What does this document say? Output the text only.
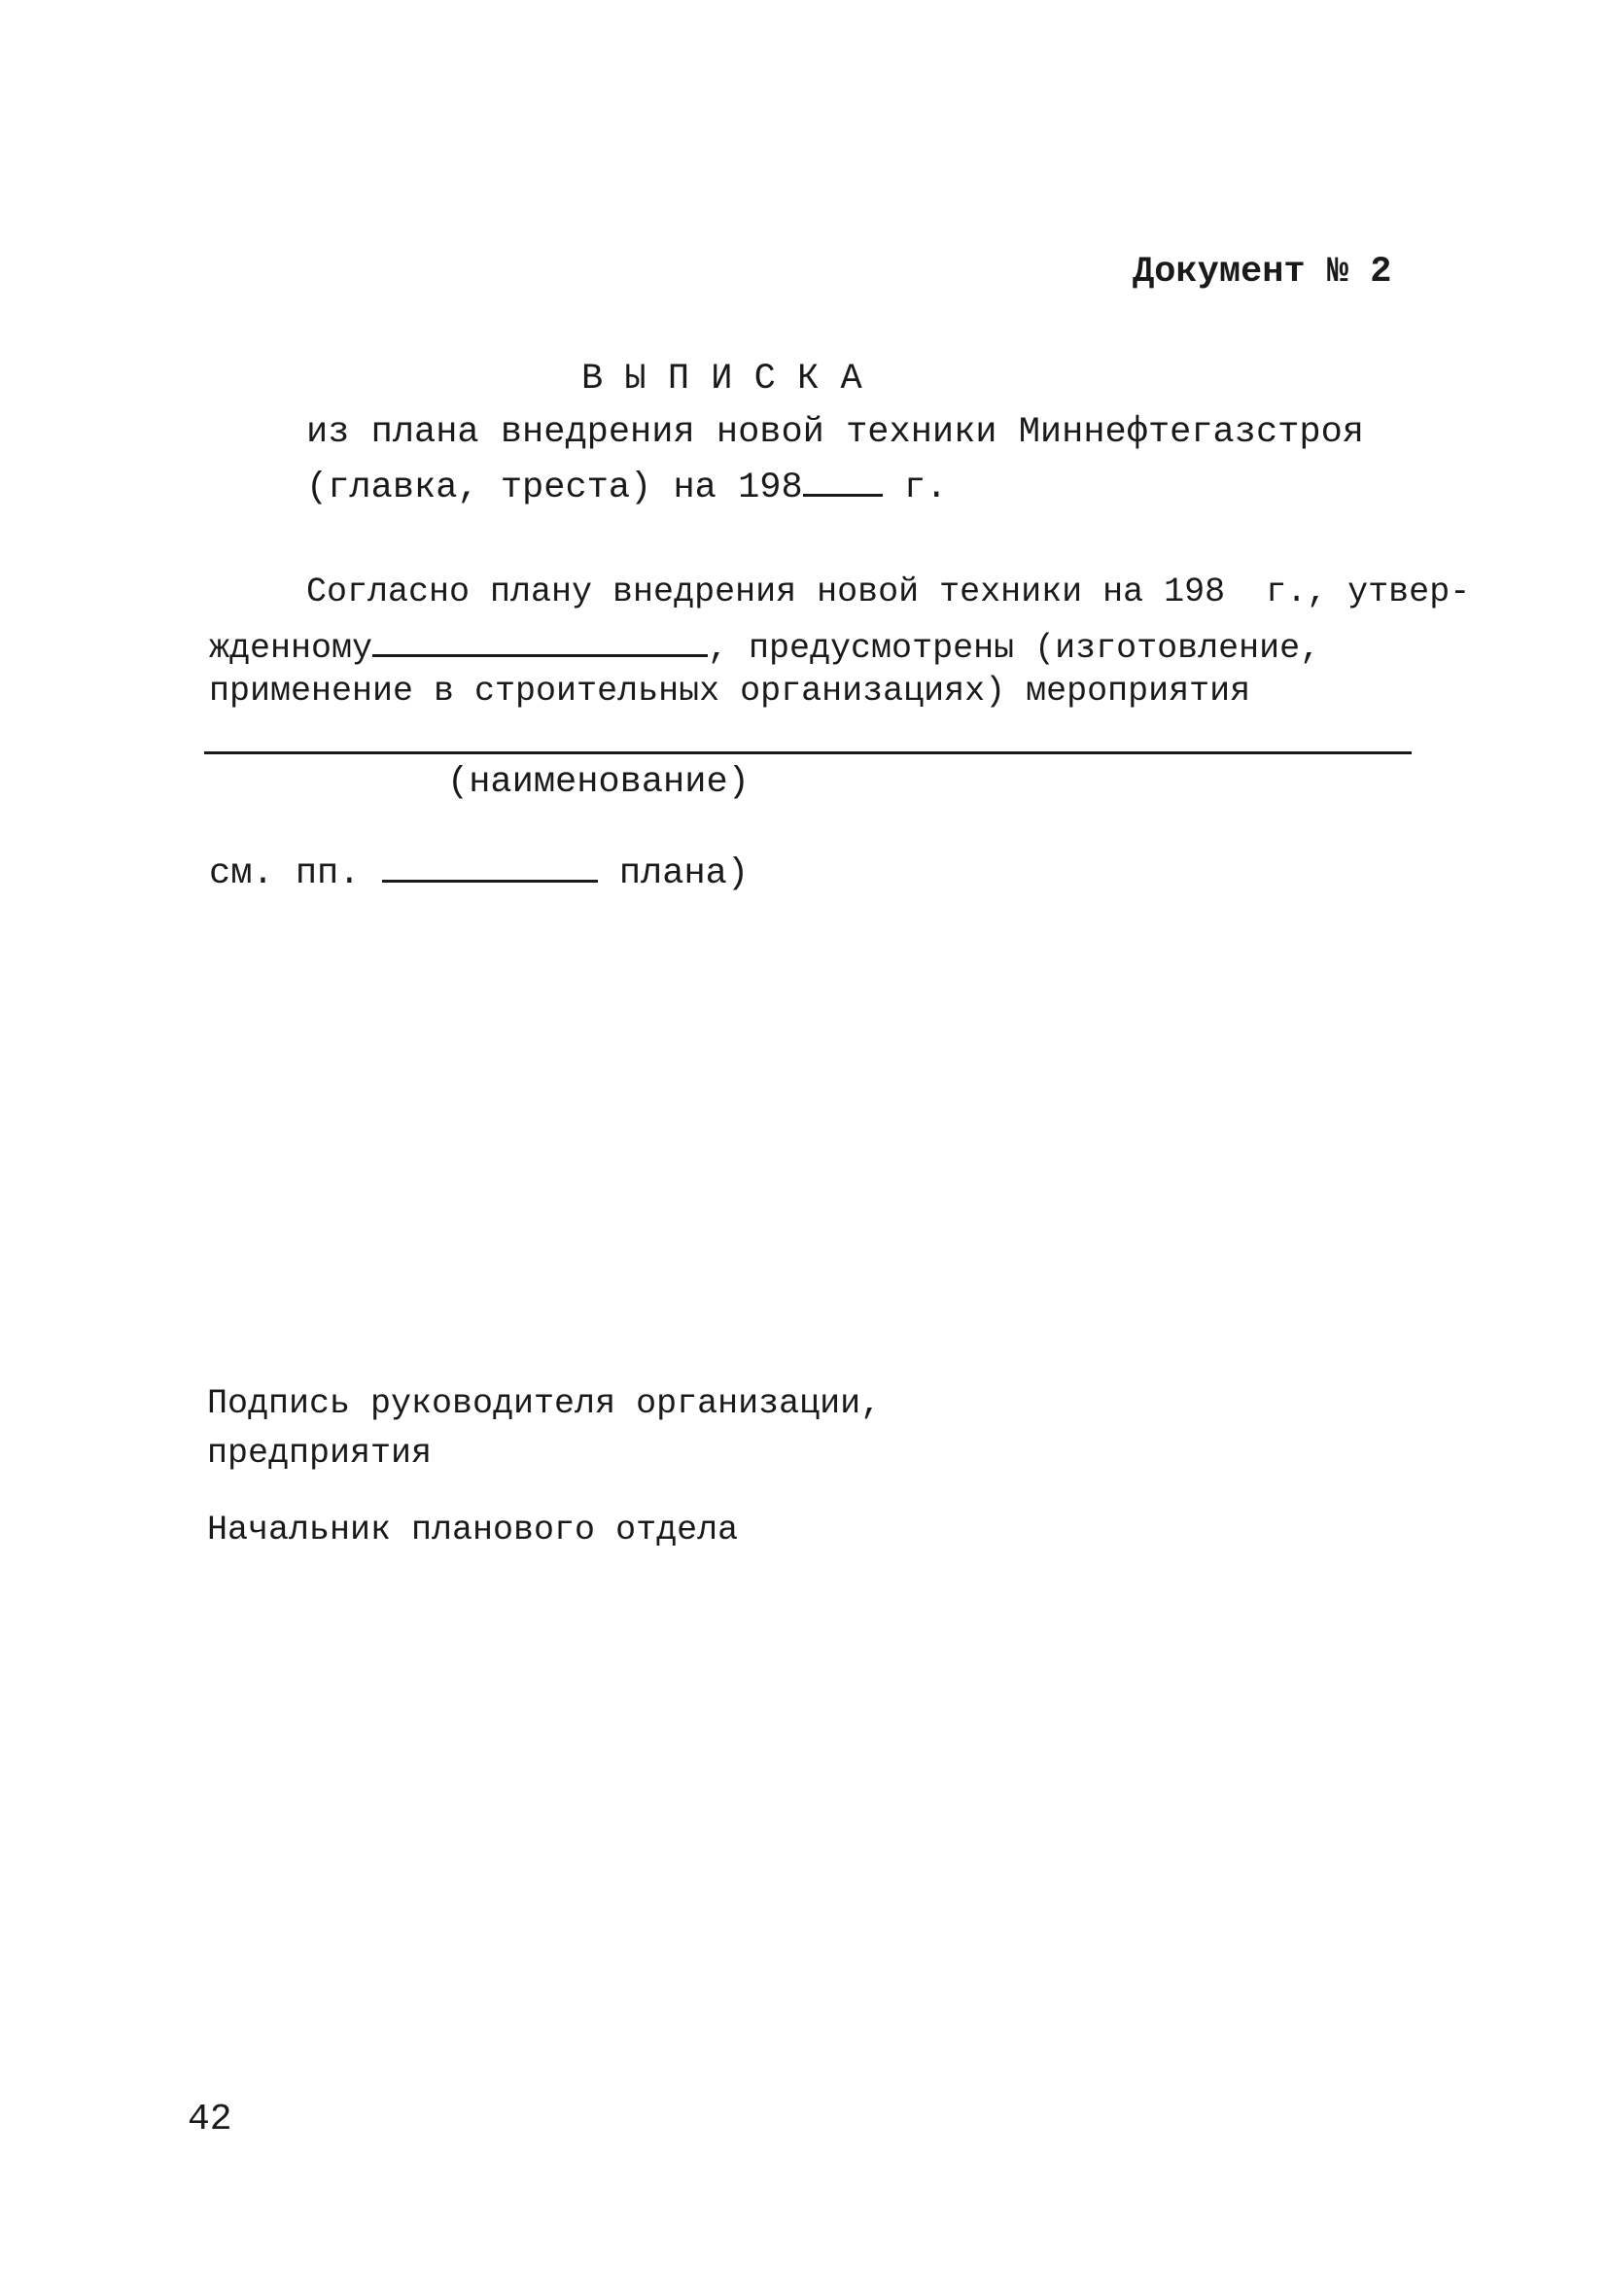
Документ № 2
В Ы П И С К А
из плана внедрения новой техники Миннефтегазстроя
(главка, треста) на 198 г.
Согласно плану внедрения новой техники на 198  г., утвер-
жденному	, предусмотрены (изготовление,
применение в строительных организациях) мероприятия
(наименование)
см. пп.	плана)
Подпись руководителя организации,
предприятия
Начальник планового отдела
42
